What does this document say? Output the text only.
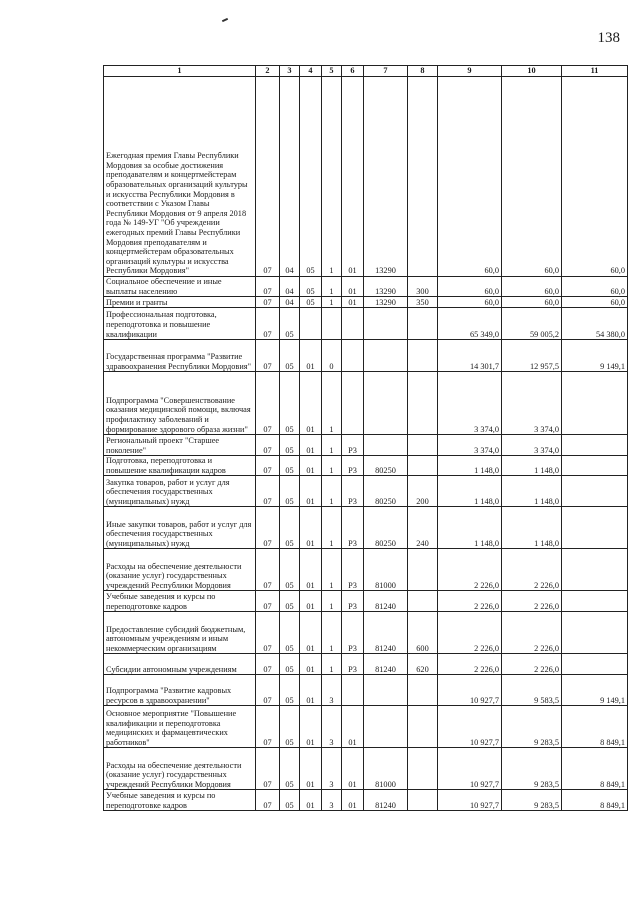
138
1	2	3	4	5	6	7	8	9	10	11
Ежегодная премия Главы Республики Мордовия за особые достижения преподавателям и концертмейстерам образовательных организаций культуры и искусства Республики Мордовия в соответствии с Указом Главы Республики Мордовия от 9 апреля 2018 года № 149-УГ "Об учреждении ежегодных премий Главы Республики Мордовия преподавателям и концертмейстерам образовательных организаций культуры и искусства Республики Мордовия"	07	04	05	1	01	13290		60,0	60,0	60,0
Социальное обеспечение и иные выплаты населению	07	04	05	1	01	13290	300	60,0	60,0	60,0
Премии и гранты	07	04	05	1	01	13290	350	60,0	60,0	60,0
Профессиональная подготовка, переподготовка и повышение квалификации	07	05						65 349,0	59 005,2	54 380,0
Государственная программа "Развитие здравоохранения Республики Мордовия"	07	05	01	0				14 301,7	12 957,5	9 149,1
Подпрограмма "Совершенствование оказания медицинской помощи, включая профилактику заболеваний и формирование здорового образа жизни"	07	05	01	1				3 374,0	3 374,0	
Региональный проект "Старшее поколение"	07	05	01	1	P3			3 374,0	3 374,0	
Подготовка, переподготовка и повышение квалификации кадров	07	05	01	1	P3	80250		1 148,0	1 148,0	
Закупка товаров, работ и услуг для обеспечения государственных (муниципальных) нужд	07	05	01	1	P3	80250	200	1 148,0	1 148,0	
Иные закупки товаров, работ и услуг для обеспечения государственных (муниципальных) нужд	07	05	01	1	P3	80250	240	1 148,0	1 148,0	
Расходы на обеспечение деятельности (оказание услуг) государственных учреждений Республики Мордовия	07	05	01	1	P3	81000		2 226,0	2 226,0	
Учебные заведения и курсы по переподготовке кадров	07	05	01	1	P3	81240		2 226,0	2 226,0	
Предоставление субсидий бюджетным, автономным учреждениям и иным некоммерческим организациям	07	05	01	1	P3	81240	600	2 226,0	2 226,0	
Субсидии автономным учреждениям	07	05	01	1	P3	81240	620	2 226,0	2 226,0	
Подпрограмма "Развитие кадровых ресурсов в здравоохранении"	07	05	01	3				10 927,7	9 583,5	9 149,1
Основное мероприятие "Повышение квалификации и переподготовка медицинских и фармацевтических работников"	07	05	01	3	01			10 927,7	9 283,5	8 849,1
Расходы на обеспечение деятельности (оказание услуг) государственных учреждений Республики Мордовия	07	05	01	3	01	81000		10 927,7	9 283,5	8 849,1
Учебные заведения и курсы по переподготовке кадров	07	05	01	3	01	81240		10 927,7	9 283,5	8 849,1
